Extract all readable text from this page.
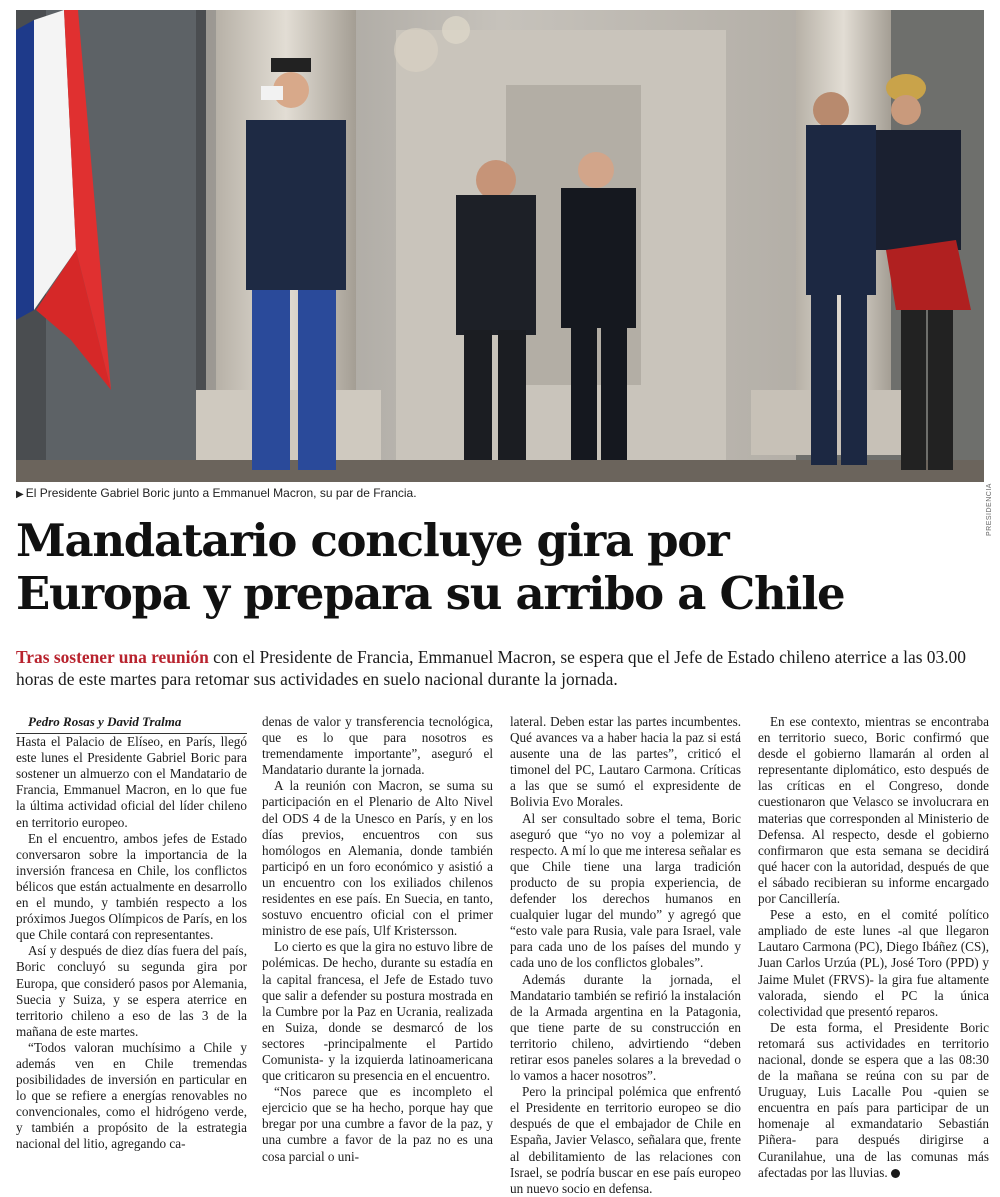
PRESIDENCIA
▶ El Presidente Gabriel Boric junto a Emmanuel Macron, su par de Francia.
Mandatario concluye gira por
Europa y prepara su arribo a Chile

Tras sostener una reunión con el Presidente de Francia, Emmanuel Macron, se espera que el Jefe de Estado chileno aterrice a las 03.00 horas de este martes para retomar sus actividades en suelo nacional durante la jornada.

Pedro Rosas y David Tralma

Hasta el Palacio de Elíseo, en París, llegó este lunes el Presidente Gabriel Boric para sostener un almuerzo con el Mandatario de Francia, Emmanuel Macron, en lo que fue la última actividad oficial del líder chileno en territorio europeo.

En el encuentro, ambos jefes de Estado conversaron sobre la importancia de la inversión francesa en Chile, los conflictos bélicos que están actualmente en desarrollo en el mundo, y también respecto a los próximos Juegos Olímpicos de París, en los que Chile contará con representantes.

Así y después de diez días fuera del país, Boric concluyó su segunda gira por Europa, que consideró pasos por Alemania, Suecia y Suiza, y se espera aterrice en territorio chileno a eso de las 3 de la mañana de este martes.

“Todos valoran muchísimo a Chile y además ven en Chile tremendas posibilidades de inversión en particular en lo que se refiere a energías renovables no convencionales, como el hidrógeno verde, y también a propósito de la estrategia nacional del litio, agregando ca-

denas de valor y transferencia tecnológica, que es lo que para nosotros es tremendamente importante”, aseguró el Mandatario durante la jornada.

A la reunión con Macron, se suma su participación en el Plenario de Alto Nivel del ODS 4 de la Unesco en París, y en los días previos, encuentros con sus homólogos en Alemania, donde también participó en un foro económico y asistió a un encuentro con los exiliados chilenos residentes en ese país. En Suecia, en tanto, sostuvo encuentro oficial con el primer ministro de ese país, Ulf Kristersson.

Lo cierto es que la gira no estuvo libre de polémicas. De hecho, durante su estadía en la capital francesa, el Jefe de Estado tuvo que salir a defender su postura mostrada en la Cumbre por la Paz en Ucrania, realizada en Suiza, donde se desmarcó de los sectores -principalmente el Partido Comunista- y la izquierda latinoamericana que criticaron su presencia en el encuentro.

“Nos parece que es incompleto el ejercicio que se ha hecho, porque hay que bregar por una cumbre a favor de la paz, y una cumbre a favor de la paz no es una cosa parcial o uni-

lateral. Deben estar las partes incumbentes. Qué avances va a haber hacia la paz si está ausente una de las partes”, criticó el timonel del PC, Lautaro Carmona. Críticas a las que se sumó el expresidente de Bolivia Evo Morales.

Al ser consultado sobre el tema, Boric aseguró que “yo no voy a polemizar al respecto. A mí lo que me interesa señalar es que Chile tiene una larga tradición producto de su propia experiencia, de defender los derechos humanos en cualquier lugar del mundo” y agregó que “esto vale para Rusia, vale para Israel, vale para cada uno de los países del mundo y cada uno de los conflictos globales”.

Además durante la jornada, el Mandatario también se refirió la instalación de la Armada argentina en la Patagonia, que tiene parte de su construcción en territorio chileno, advirtiendo “deben retirar esos paneles solares a la brevedad o lo vamos a hacer nosotros”.

Pero la principal polémica que enfrentó el Presidente en territorio europeo se dio después de que el embajador de Chile en España, Javier Velasco, señalara que, frente al debilitamiento de las relaciones con Israel, se podría buscar en ese país europeo un nuevo socio en defensa.

En ese contexto, mientras se encontraba en territorio sueco, Boric confirmó que desde el gobierno llamarán al orden al representante diplomático, esto después de las críticas en el Congreso, donde cuestionaron que Velasco se involucrara en materias que corresponden al Ministerio de Defensa. Al respecto, desde el gobierno confirmaron que esta semana se decidirá qué hacer con la autoridad, después de que el sábado recibieran su informe encargado por Cancillería.

Pese a esto, en el comité político ampliado de este lunes -al que llegaron Lautaro Carmona (PC), Diego Ibáñez (CS), Juan Carlos Urzúa (PL), José Toro (PPD) y Jaime Mulet (FRVS)- la gira fue altamente valorada, siendo el PC la única colectividad que presentó reparos.

De esta forma, el Presidente Boric retomará sus actividades en territorio nacional, donde se espera que a las 08:30 de la mañana se reúna con su par de Uruguay, Luis Lacalle Pou -quien se encuentra en país para participar de un homenaje al exmandatario Sebastián Piñera- para después dirigirse a Curanilahue, una de las comunas más afectadas por las lluvias.
